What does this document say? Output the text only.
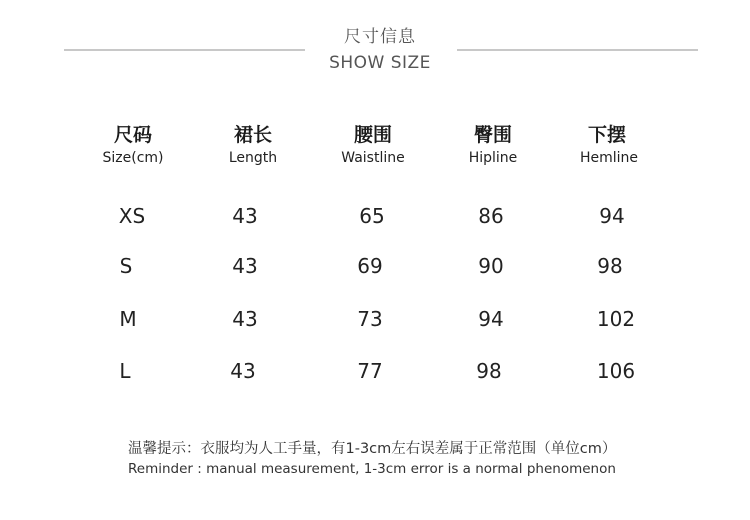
尺寸信息
SHOW SIZE
尺码
Size(cm)
XS
S
M
L
裙长
Length
43
43
43
43
腰围
Waistline
65
69
73
77
臀围
Hipline
86
90
94
98
下摆
Hemline
94
98
102
106
温馨提示：衣服均为人工手量，有1-3cm左右误差属于正常范围（单位cm）
Reminder : manual measurement, 1-3cm error is a normal phenomenon
